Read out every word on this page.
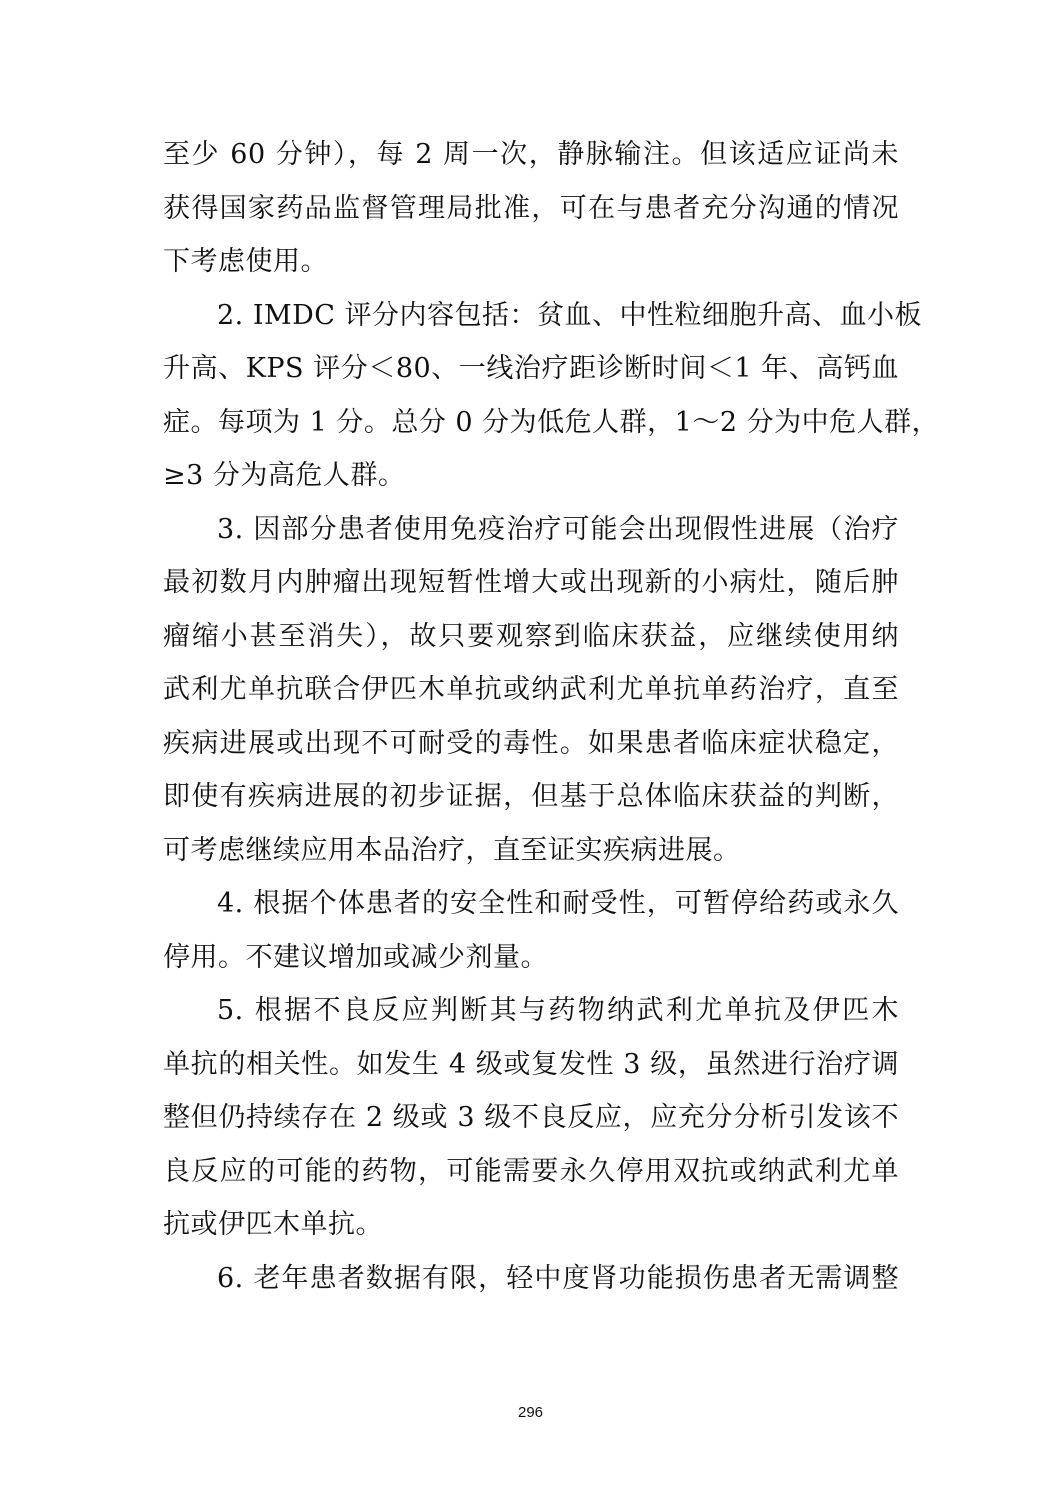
至少 60 分钟），每 2 周一次，静脉输注。但该适应证尚未
获得国家药品监督管理局批准，可在与患者充分沟通的情况
下考虑使用。

2. IMDC 评分内容包括：贫血、中性粒细胞升高、血小板
升高、KPS 评分＜80、一线治疗距诊断时间＜1 年、高钙血
症。每项为 1 分。总分 0 分为低危人群，1～2 分为中危人群，
≥3 分为高危人群。

3. 因部分患者使用免疫治疗可能会出现假性进展（治疗
最初数月内肿瘤出现短暂性增大或出现新的小病灶，随后肿
瘤缩小甚至消失），故只要观察到临床获益，应继续使用纳
武利尤单抗联合伊匹木单抗或纳武利尤单抗单药治疗，直至
疾病进展或出现不可耐受的毒性。如果患者临床症状稳定，
即使有疾病进展的初步证据，但基于总体临床获益的判断，
可考虑继续应用本品治疗，直至证实疾病进展。

4. 根据个体患者的安全性和耐受性，可暂停给药或永久
停用。不建议增加或减少剂量。

5. 根据不良反应判断其与药物纳武利尤单抗及伊匹木
单抗的相关性。如发生 4 级或复发性 3 级，虽然进行治疗调
整但仍持续存在 2 级或 3 级不良反应，应充分分析引发该不
良反应的可能的药物，可能需要永久停用双抗或纳武利尤单
抗或伊匹木单抗。

6. 老年患者数据有限，轻中度肾功能损伤患者无需调整

296
